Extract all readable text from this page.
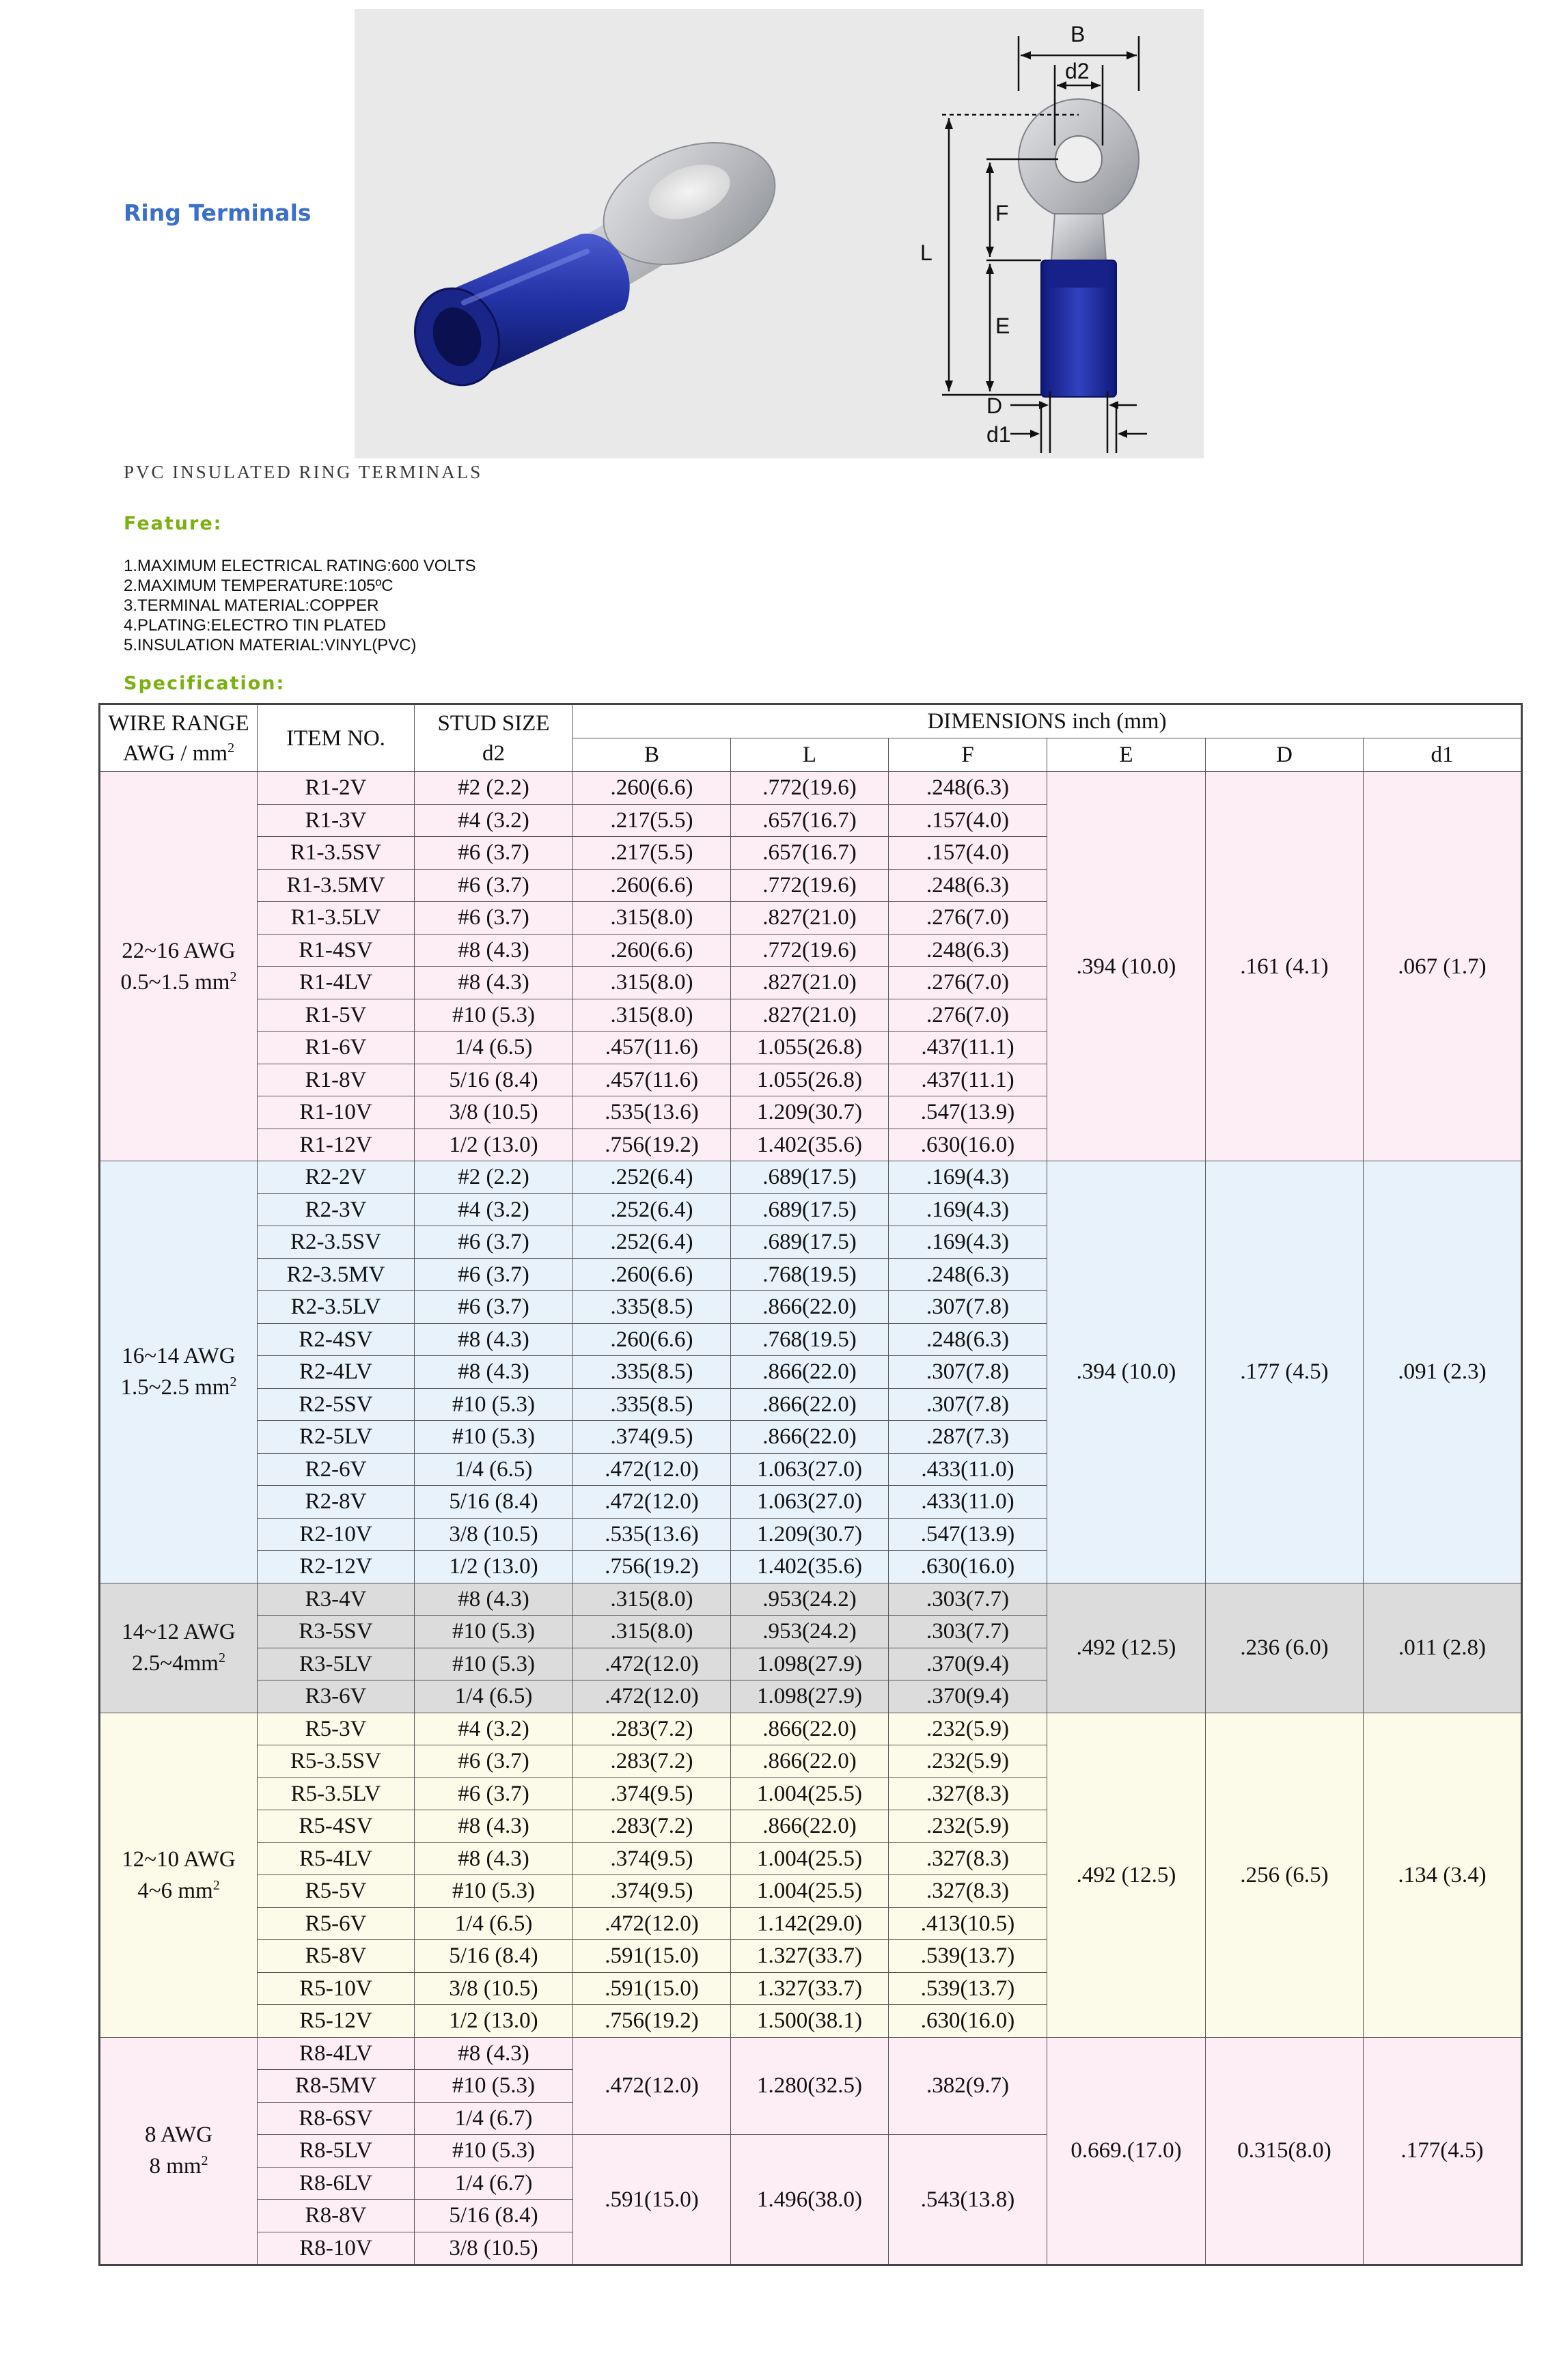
B
d2
F
L
E
D
d1
Ring Terminals
PVC INSULATED RING TERMINALS
Feature:
1.MAXIMUM ELECTRICAL RATING:600 VOLTS
2.MAXIMUM TEMPERATURE:105ºC
3.TERMINAL MATERIAL:COPPER
4.PLATING:ELECTRO TIN PLATED
5.INSULATION MATERIAL:VINYL(PVC)
Specification:
WIRE RANGE
AWG / $mm^2$	ITEM NO.	STUD SIZE
d2	DIMENSIONS inch (mm)					
			B	L	F	E	D	d1
22~16 AWG
0.5~1.5 $mm^2$	R1-2V	#2 (2.2)	.260(6.6)	.772(19.6)	.248(6.3)	.394 (10.0)	.161 (4.1)	.067 (1.7)
	R1-3V	#4 (3.2)	.217(5.5)	.657(16.7)	.157(4.0)			
	R1-3.5SV	#6 (3.7)	.217(5.5)	.657(16.7)	.157(4.0)			
	R1-3.5MV	#6 (3.7)	.260(6.6)	.772(19.6)	.248(6.3)			
	R1-3.5LV	#6 (3.7)	.315(8.0)	.827(21.0)	.276(7.0)			
	R1-4SV	#8 (4.3)	.260(6.6)	.772(19.6)	.248(6.3)			
	R1-4LV	#8 (4.3)	.315(8.0)	.827(21.0)	.276(7.0)			
	R1-5V	#10 (5.3)	.315(8.0)	.827(21.0)	.276(7.0)			
	R1-6V	1/4 (6.5)	.457(11.6)	1.055(26.8)	.437(11.1)			
	R1-8V	5/16 (8.4)	.457(11.6)	1.055(26.8)	.437(11.1)			
	R1-10V	3/8 (10.5)	.535(13.6)	1.209(30.7)	.547(13.9)			
	R1-12V	1/2 (13.0)	.756(19.2)	1.402(35.6)	.630(16.0)			
16~14 AWG
1.5~2.5 $mm^2$	R2-2V	#2 (2.2)	.252(6.4)	.689(17.5)	.169(4.3)	.394 (10.0)	.177 (4.5)	.091 (2.3)
	R2-3V	#4 (3.2)	.252(6.4)	.689(17.5)	.169(4.3)			
	R2-3.5SV	#6 (3.7)	.252(6.4)	.689(17.5)	.169(4.3)			
	R2-3.5MV	#6 (3.7)	.260(6.6)	.768(19.5)	.248(6.3)			
	R2-3.5LV	#6 (3.7)	.335(8.5)	.866(22.0)	.307(7.8)			
	R2-4SV	#8 (4.3)	.260(6.6)	.768(19.5)	.248(6.3)			
	R2-4LV	#8 (4.3)	.335(8.5)	.866(22.0)	.307(7.8)			
	R2-5SV	#10 (5.3)	.335(8.5)	.866(22.0)	.307(7.8)			
	R2-5LV	#10 (5.3)	.374(9.5)	.866(22.0)	.287(7.3)			
	R2-6V	1/4 (6.5)	.472(12.0)	1.063(27.0)	.433(11.0)			
	R2-8V	5/16 (8.4)	.472(12.0)	1.063(27.0)	.433(11.0)			
	R2-10V	3/8 (10.5)	.535(13.6)	1.209(30.7)	.547(13.9)			
	R2-12V	1/2 (13.0)	.756(19.2)	1.402(35.6)	.630(16.0)			
14~12 AWG
$2.5\sim 4mm^2$	R3-4V	#8 (4.3)	.315(8.0)	.953(24.2)	.303(7.7)	.492 (12.5)	.236 (6.0)	.011 (2.8)
	R3-5SV	#10 (5.3)	.315(8.0)	.953(24.2)	.303(7.7)			
	R3-5LV	#10 (5.3)	.472(12.0)	1.098(27.9)	.370(9.4)			
	R3-6V	1/4 (6.5)	.472(12.0)	1.098(27.9)	.370(9.4)			
12~10 AWG
4~6 $mm^2$	R5-3V	#4 (3.2)	.283(7.2)	.866(22.0)	.232(5.9)	.492 (12.5)	.256 (6.5)	.134 (3.4)
	R5-3.5SV	#6 (3.7)	.283(7.2)	.866(22.0)	.232(5.9)			
	R5-3.5LV	#6 (3.7)	.374(9.5)	1.004(25.5)	.327(8.3)			
	R5-4SV	#8 (4.3)	.283(7.2)	.866(22.0)	.232(5.9)			
	R5-4LV	#8 (4.3)	.374(9.5)	1.004(25.5)	.327(8.3)			
	R5-5V	#10 (5.3)	.374(9.5)	1.004(25.5)	.327(8.3)			
	R5-6V	1/4 (6.5)	.472(12.0)	1.142(29.0)	.413(10.5)			
	R5-8V	5/16 (8.4)	.591(15.0)	1.327(33.7)	.539(13.7)			
	R5-10V	3/8 (10.5)	.591(15.0)	1.327(33.7)	.539(13.7)			
	R5-12V	1/2 (13.0)	.756(19.2)	1.500(38.1)	.630(16.0)			
8 AWG
8 $mm^2$	R8-4LV	#8 (4.3)	.472(12.0)	1.280(32.5)	.382(9.7)	0.669.(17.0)	0.315(8.0)	.177(4.5)
	R8-5MV	#10 (5.3)						
	R8-6SV	1/4 (6.7)						
	R8-5LV	#10 (5.3)	.591(15.0)	1.496(38.0)	.543(13.8)			
	R8-6LV	1/4 (6.7)						
	R8-8V	5/16 (8.4)						
	R8-10V	3/8 (10.5)						
